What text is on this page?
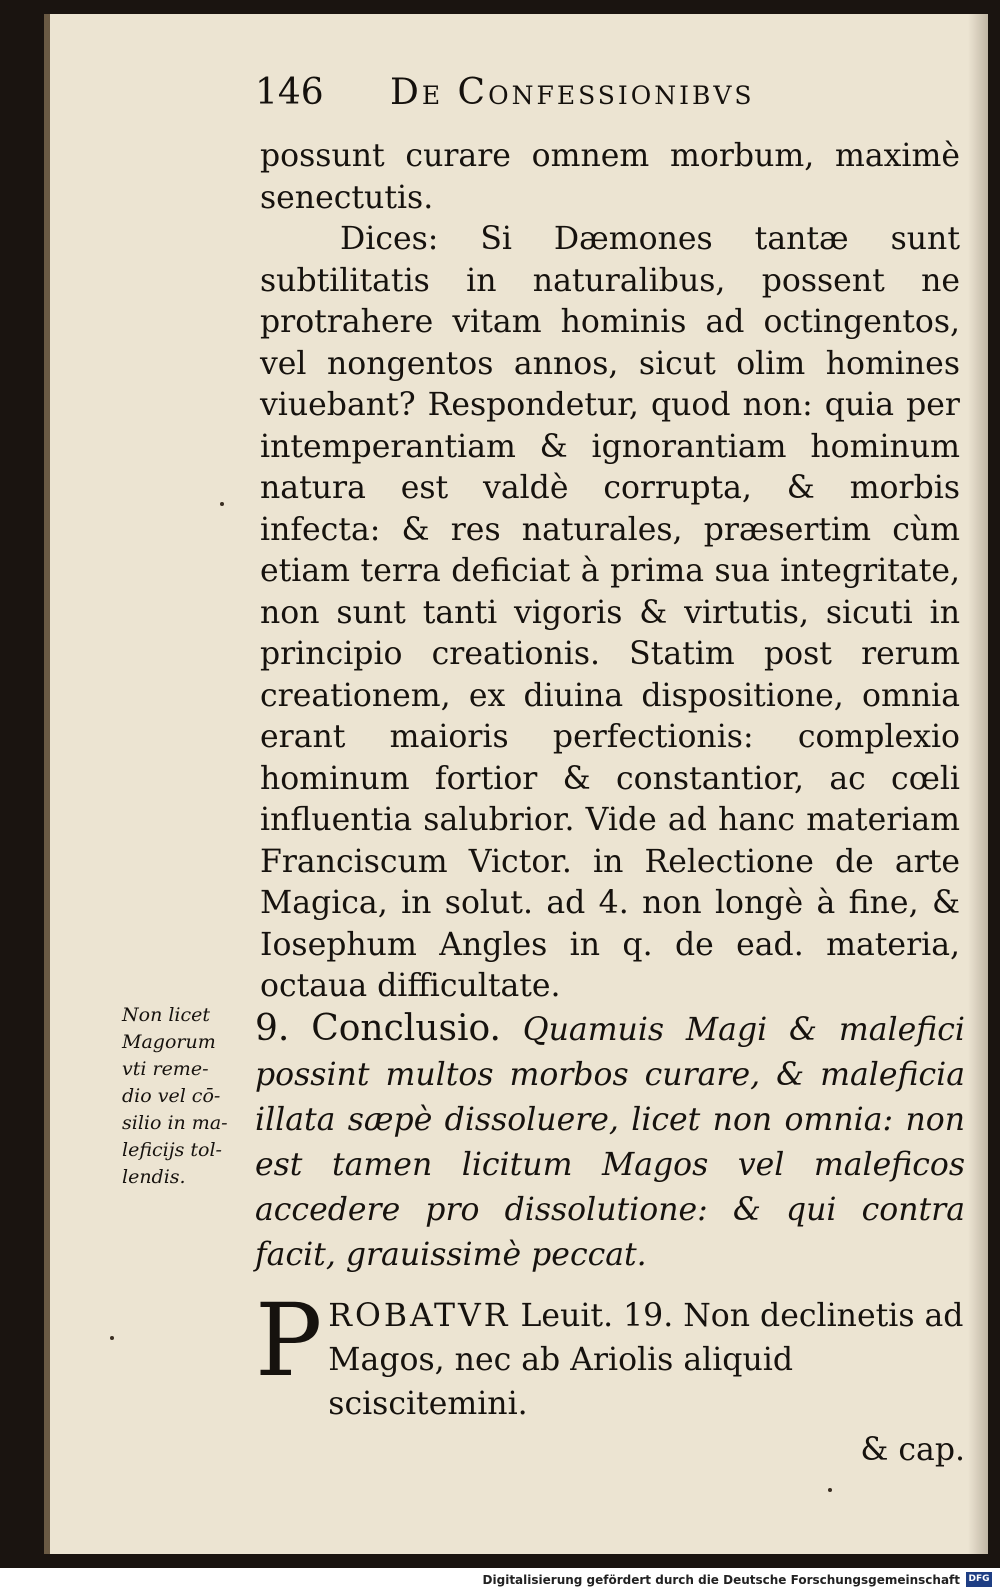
146 De Confessionibvs
possunt curare omnem morbum, maximè senectutis.
Dices: Si Dæmones tantæ sunt subtilitatis in naturalibus, possent ne protrahere vitam hominis ad octingentos, vel nongentos annos, sicut olim homines viuebant? Respondetur, quod non: quia per intemperantiam & ignorantiam hominum natura est valdè corrupta, & morbis infecta: & res naturales, præsertim cùm etiam terra deficiat à prima sua integritate, non sunt tanti vigoris & virtutis, sicuti in principio creationis. Statim post rerum creationem, ex diuina dispositione, omnia erant maioris perfectionis: complexio hominum fortior & constantior, ac cœli influentia salubrior. Vide ad hanc materiam Franciscum Victor. in Relectione de arte Magica, in solut. ad 4. non longè à fine, & Iosephum Angles in q. de ead. materia, octaua difficultate.
Non licet
Magorum
vti reme-
dio vel cō-
silio in ma-
leficijs tol-
lendis.
9. Conclusio. Quamuis Magi & malefici possint multos morbos curare, & maleficia illata sæpè dissoluere, licet non omnia: non est tamen licitum Magos vel maleficos accedere pro dissolutione: & qui contra facit, grauissimè peccat.
P ROBATVR Leuit. 19. Non declinetis ad Magos, nec ab Ariolis aliquid sciscitemini.
& cap.
Digitalisierung gefördert durch die Deutsche Forschungsgemeinschaft DFG
